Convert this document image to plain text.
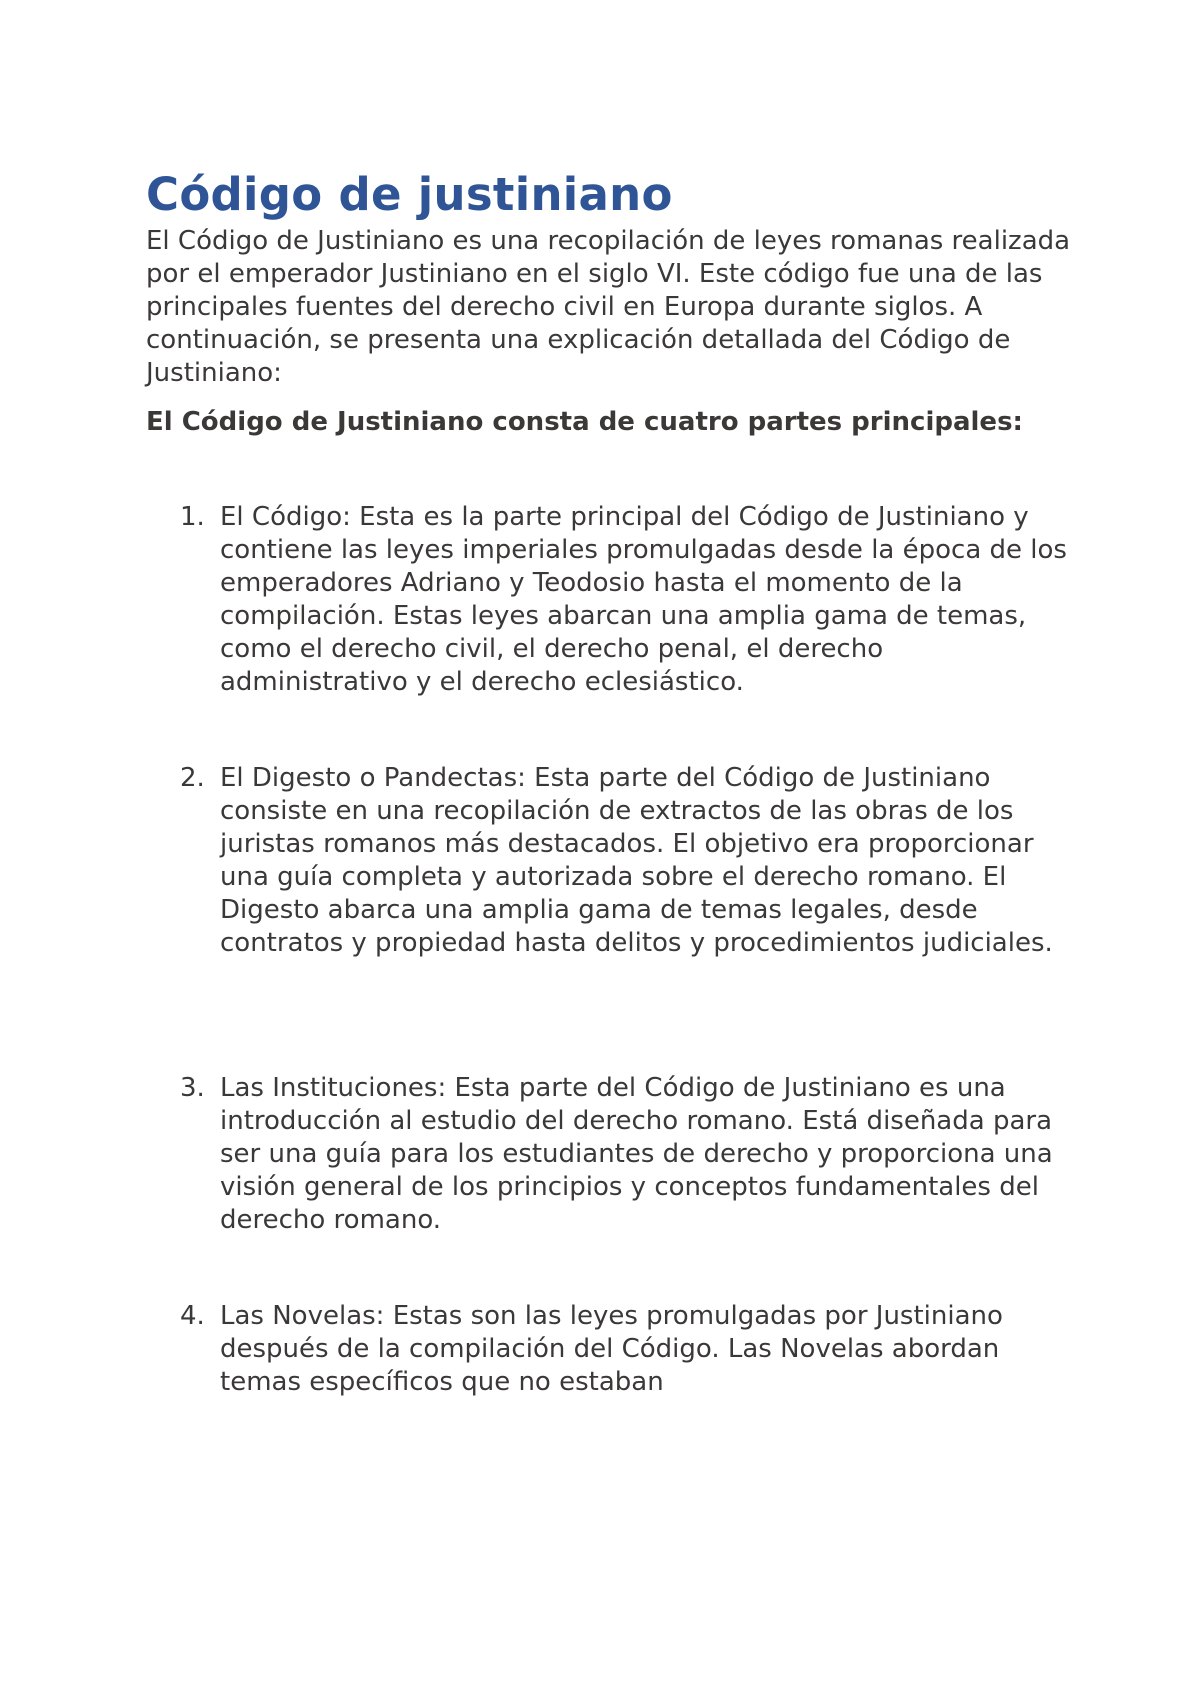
Código de justiniano

El Código de Justiniano es una recopilación de leyes romanas realizada por el emperador Justiniano en el siglo VI. Este código fue una de las principales fuentes del derecho civil en Europa durante siglos. A continuación, se presenta una explicación detallada del Código de Justiniano:

El Código de Justiniano consta de cuatro partes principales:

1. El Código: Esta es la parte principal del Código de Justiniano y contiene las leyes imperiales promulgadas desde la época de los emperadores Adriano y Teodosio hasta el momento de la compilación. Estas leyes abarcan una amplia gama de temas, como el derecho civil, el derecho penal, el derecho administrativo y el derecho eclesiástico.
2. El Digesto o Pandectas: Esta parte del Código de Justiniano consiste en una recopilación de extractos de las obras de los juristas romanos más destacados. El objetivo era proporcionar una guía completa y autorizada sobre el derecho romano. El Digesto abarca una amplia gama de temas legales, desde contratos y propiedad hasta delitos y procedimientos judiciales.
3. Las Instituciones: Esta parte del Código de Justiniano es una introducción al estudio del derecho romano. Está diseñada para ser una guía para los estudiantes de derecho y proporciona una visión general de los principios y conceptos fundamentales del derecho romano.
4. Las Novelas: Estas son las leyes promulgadas por Justiniano después de la compilación del Código. Las Novelas abordan temas específicos que no estaban
